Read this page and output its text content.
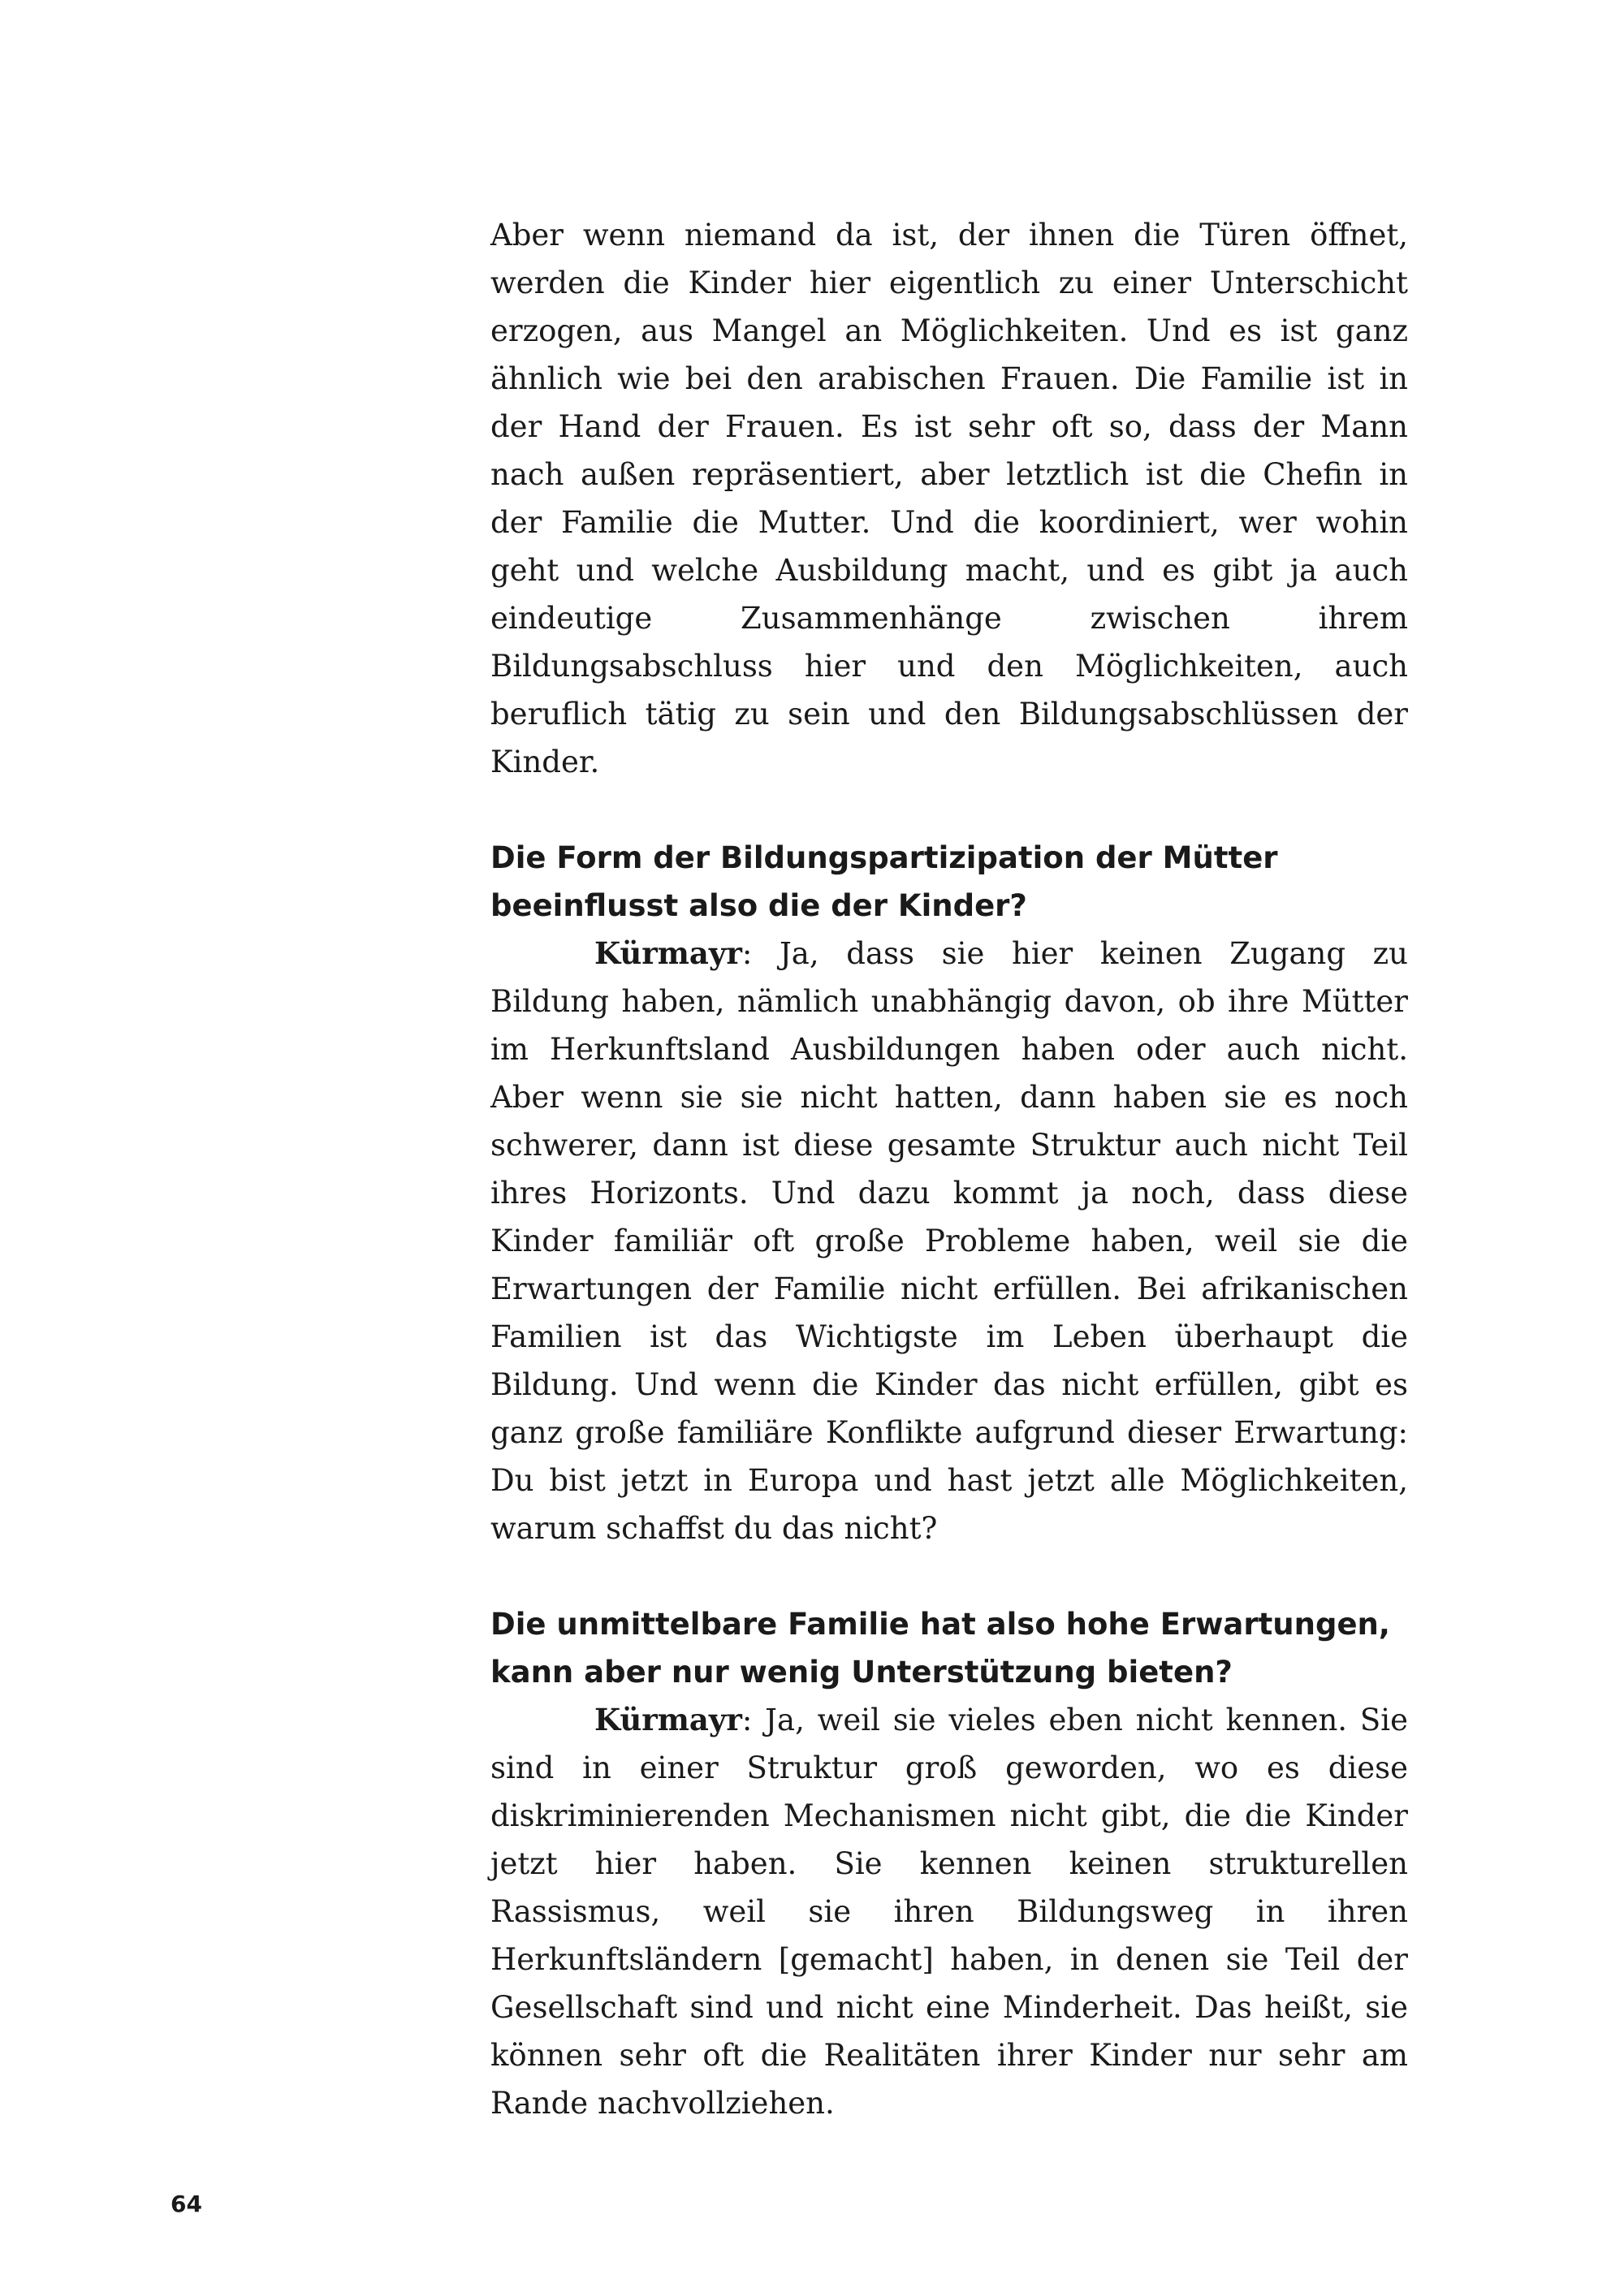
Aber wenn niemand da ist, der ihnen die Türen öffnet, werden die Kinder hier eigentlich zu einer Unterschicht erzogen, aus Mangel an Möglichkeiten. Und es ist ganz ähnlich wie bei den arabischen Frauen. Die Familie ist in der Hand der Frauen. Es ist sehr oft so, dass der Mann nach außen repräsentiert, aber letztlich ist die Chefin in der Familie die Mutter. Und die koordiniert, wer wohin geht und welche Ausbildung macht, und es gibt ja auch eindeutige Zusammenhänge zwischen ihrem Bildungsabschluss hier und den Möglichkeiten, auch beruflich tätig zu sein und den Bildungsabschlüssen der Kinder.

Die Form der Bildungspartizipation der Mütter beeinflusst also die der Kinder?

Kürmayr: Ja, dass sie hier keinen Zugang zu Bildung haben, nämlich unabhängig davon, ob ihre Mütter im Herkunftsland Ausbildungen haben oder auch nicht. Aber wenn sie sie nicht hatten, dann haben sie es noch schwerer, dann ist diese gesamte Struktur auch nicht Teil ihres Horizonts. Und dazu kommt ja noch, dass diese Kinder familiär oft große Probleme haben, weil sie die Erwartungen der Familie nicht erfüllen. Bei afrikanischen Familien ist das Wichtigste im Leben überhaupt die Bildung. Und wenn die Kinder das nicht erfüllen, gibt es ganz große familiäre Konflikte aufgrund dieser Erwartung: Du bist jetzt in Europa und hast jetzt alle Möglichkeiten, warum schaffst du das nicht?

Die unmittelbare Familie hat also hohe Erwartungen, kann aber nur wenig Unterstützung bieten?

Kürmayr: Ja, weil sie vieles eben nicht kennen. Sie sind in einer Struktur groß geworden, wo es diese diskriminierenden Mechanismen nicht gibt, die die Kinder jetzt hier haben. Sie kennen keinen strukturellen Rassismus, weil sie ihren Bildungsweg in ihren Herkunftsländern [gemacht] haben, in denen sie Teil der Gesellschaft sind und nicht eine Minderheit. Das heißt, sie können sehr oft die Realitäten ihrer Kinder nur sehr am Rande nachvollziehen.

64
